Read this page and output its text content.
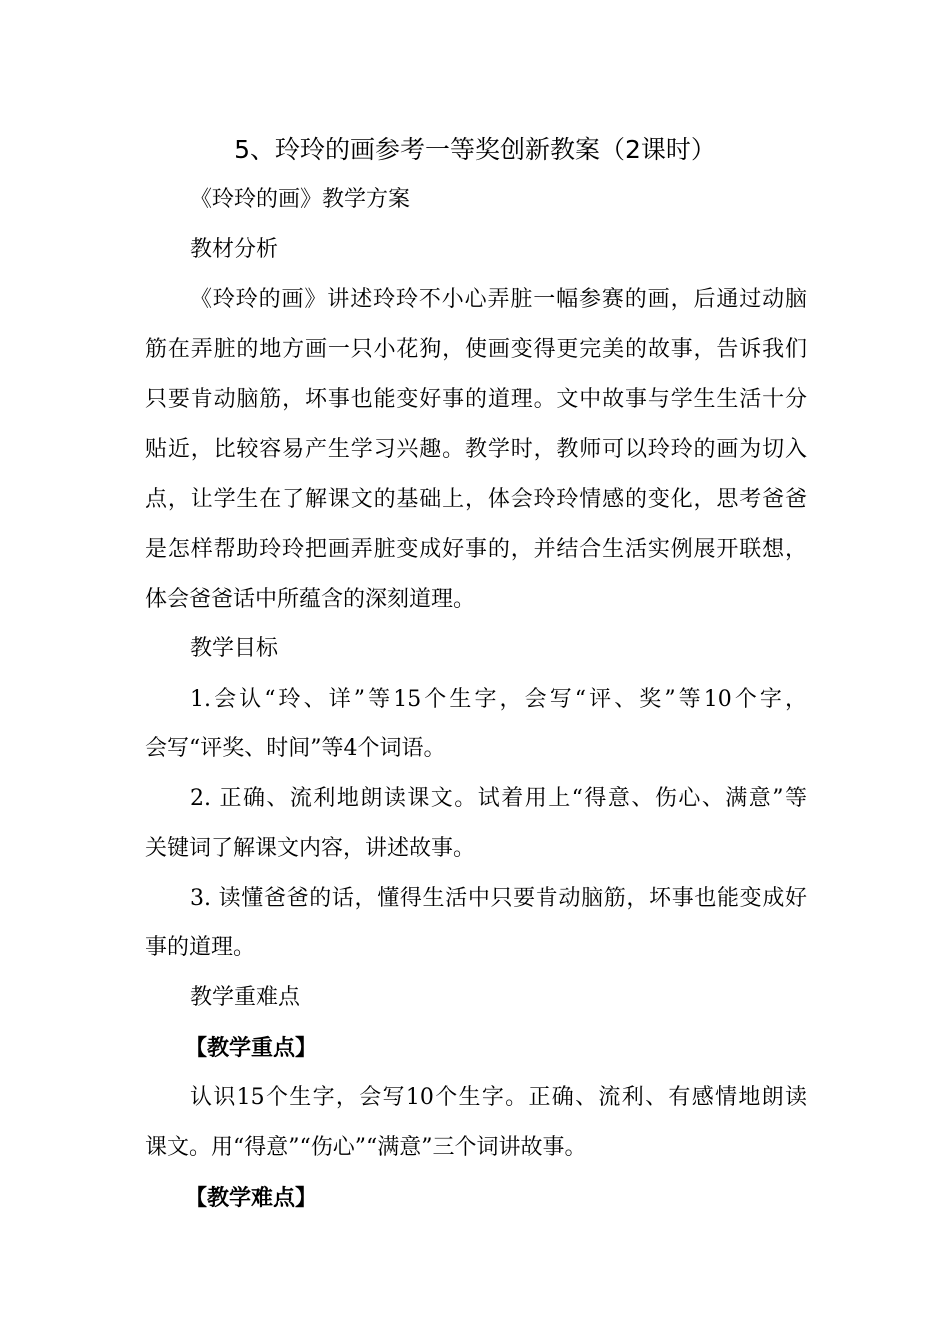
5、玲玲的画参考一等奖创新教案（2课时）

《玲玲的画》教学方案

教材分析

《玲玲的画》讲述玲玲不小心弄脏一幅参赛的画，后通过动脑

筋在弄脏的地方画一只小花狗，使画变得更完美的故事，告诉我们

只要肯动脑筋，坏事也能变好事的道理。文中故事与学生生活十分

贴近，比较容易产生学习兴趣。教学时，教师可以玲玲的画为切入

点，让学生在了解课文的基础上，体会玲玲情感的变化，思考爸爸

是怎样帮助玲玲把画弄脏变成好事的，并结合生活实例展开联想，

体会爸爸话中所蕴含的深刻道理。

教学目标

1.会认“玲、详”等15个生字，会写“评、奖”等10个字，

会写“评奖、时间”等4个词语。

2. 正确、流利地朗读课文。试着用上“得意、伤心、满意”等

关键词了解课文内容，讲述故事。

3. 读懂爸爸的话，懂得生活中只要肯动脑筋，坏事也能变成好

事的道理。

教学重难点

【教学重点】

认识15个生字，会写10个生字。正确、流利、有感情地朗读

课文。用“得意”“伤心”“满意”三个词讲故事。

【教学难点】
